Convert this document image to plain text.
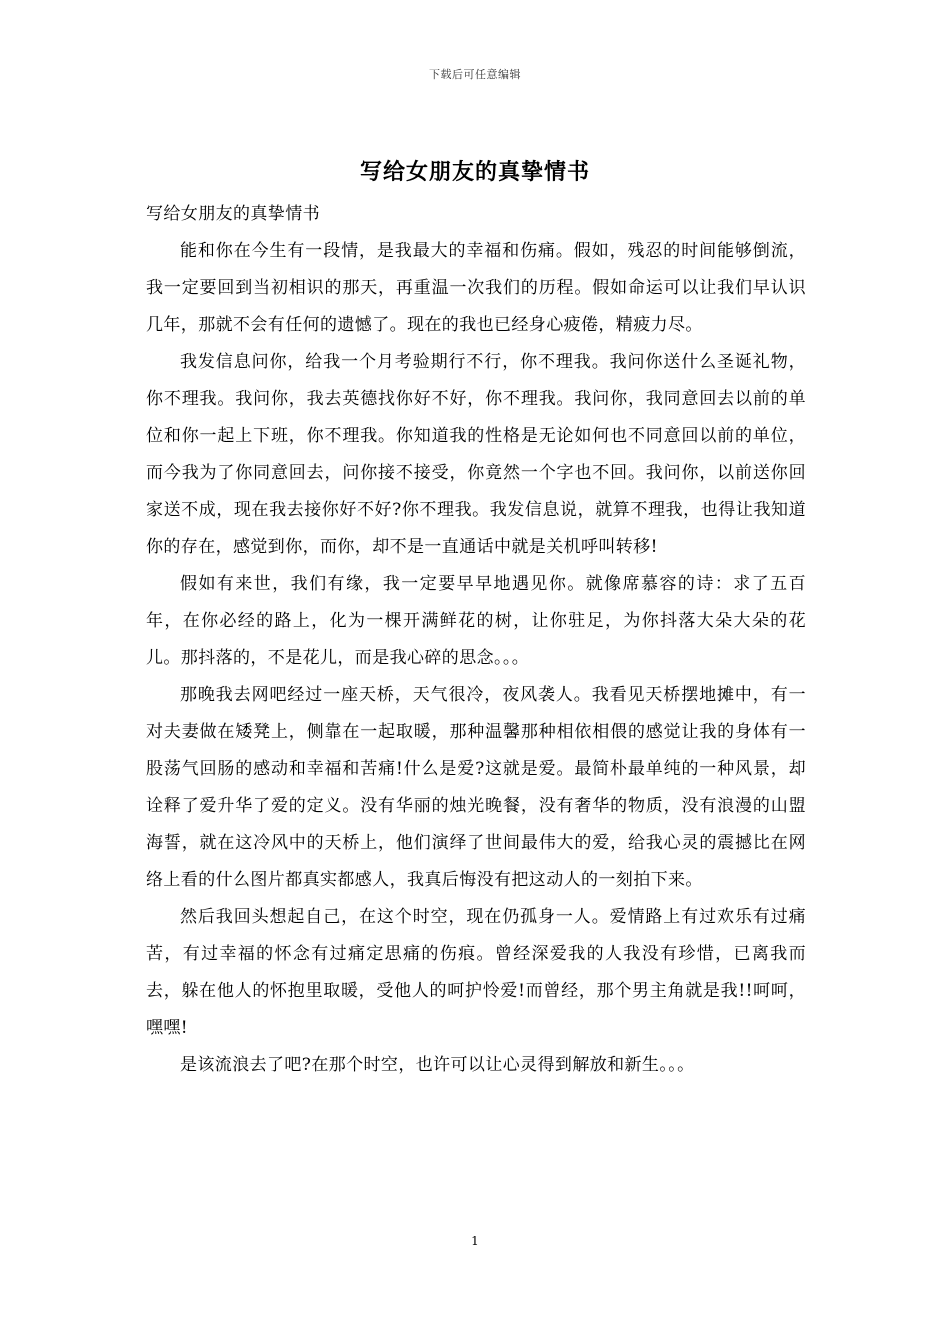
下载后可任意编辑
写给女朋友的真挚情书

写给女朋友的真挚情书

能和你在今生有一段情，是我最大的幸福和伤痛。假如，残忍的时间能够倒流，我一定要回到当初相识的那天，再重温一次我们的历程。假如命运可以让我们早认识几年，那就不会有任何的遗憾了。现在的我也已经身心疲倦，精疲力尽。

我发信息问你，给我一个月考验期行不行，你不理我。我问你送什么圣诞礼物，你不理我。我问你，我去英德找你好不好，你不理我。我问你，我同意回去以前的单位和你一起上下班，你不理我。你知道我的性格是无论如何也不同意回以前的单位，而今我为了你同意回去，问你接不接受，你竟然一个字也不回。我问你，以前送你回家送不成，现在我去接你好不好?你不理我。我发信息说，就算不理我，也得让我知道你的存在，感觉到你，而你，却不是一直通话中就是关机呼叫转移!

假如有来世，我们有缘，我一定要早早地遇见你。就像席慕容的诗：求了五百年，在你必经的路上，化为一棵开满鲜花的树，让你驻足，为你抖落大朵大朵的花儿。那抖落的，不是花儿，而是我心碎的思念。。。

那晚我去网吧经过一座天桥，天气很冷，夜风袭人。我看见天桥摆地摊中，有一对夫妻做在矮凳上，侧靠在一起取暖，那种温馨那种相依相偎的感觉让我的身体有一股荡气回肠的感动和幸福和苦痛!什么是爱?这就是爱。最简朴最单纯的一种风景，却诠释了爱升华了爱的定义。没有华丽的烛光晚餐，没有奢华的物质，没有浪漫的山盟海誓，就在这冷风中的天桥上，他们演绎了世间最伟大的爱，给我心灵的震撼比在网络上看的什么图片都真实都感人，我真后悔没有把这动人的一刻拍下来。

然后我回头想起自己，在这个时空，现在仍孤身一人。爱情路上有过欢乐有过痛苦，有过幸福的怀念有过痛定思痛的伤痕。曾经深爱我的人我没有珍惜，已离我而去，躲在他人的怀抱里取暖，受他人的呵护怜爱!而曾经，那个男主角就是我!!呵呵，嘿嘿!

是该流浪去了吧?在那个时空，也许可以让心灵得到解放和新生。。。

1
